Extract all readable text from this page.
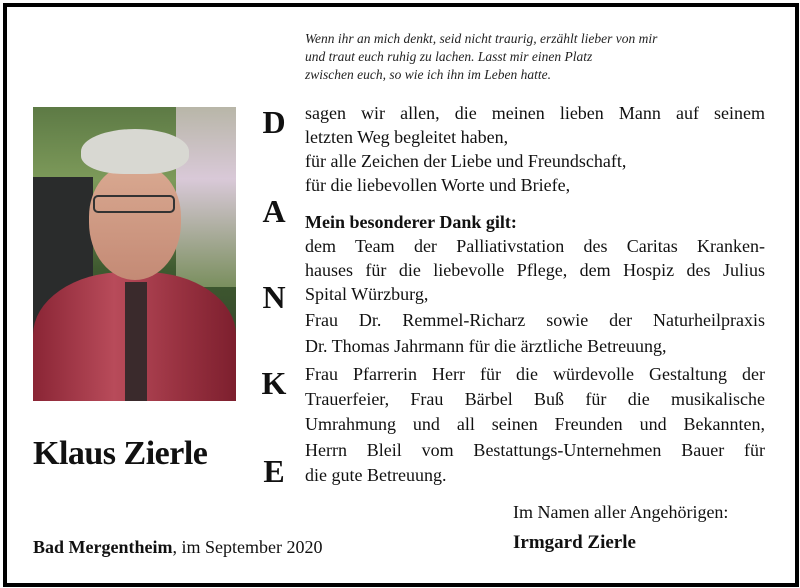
Wenn ihr an mich denkt, seid nicht traurig, erzählt lieber von mir
und traut euch ruhig zu lachen. Lasst mir einen Platz
zwischen euch, so wie ich ihn im Leben hatte.
Klaus Zierle
D
A
N
K
E
sagen wir allen, die meinen lieben Mann auf seinem
letzten Weg begleitet haben,
für alle Zeichen der Liebe und Freundschaft,
für die liebevollen Worte und Briefe,
Mein besonderer Dank gilt:
dem Team der Palliativstation des Caritas Kranken-
hauses für die liebevolle Pflege, dem Hospiz des Julius
Spital Würzburg,
Frau Dr. Remmel-Richarz sowie der Naturheilpraxis
Dr. Thomas Jahrmann für die ärztliche Betreuung,
Frau Pfarrerin Herr für die würdevolle Gestaltung der
Trauerfeier, Frau Bärbel Buß für die musikalische
Umrahmung und all seinen Freunden und Bekannten,
Herrn Bleil vom Bestattungs-Unternehmen Bauer für
die gute Betreuung.
Im Namen aller Angehörigen:
Irmgard Zierle
Bad Mergentheim, im September 2020
